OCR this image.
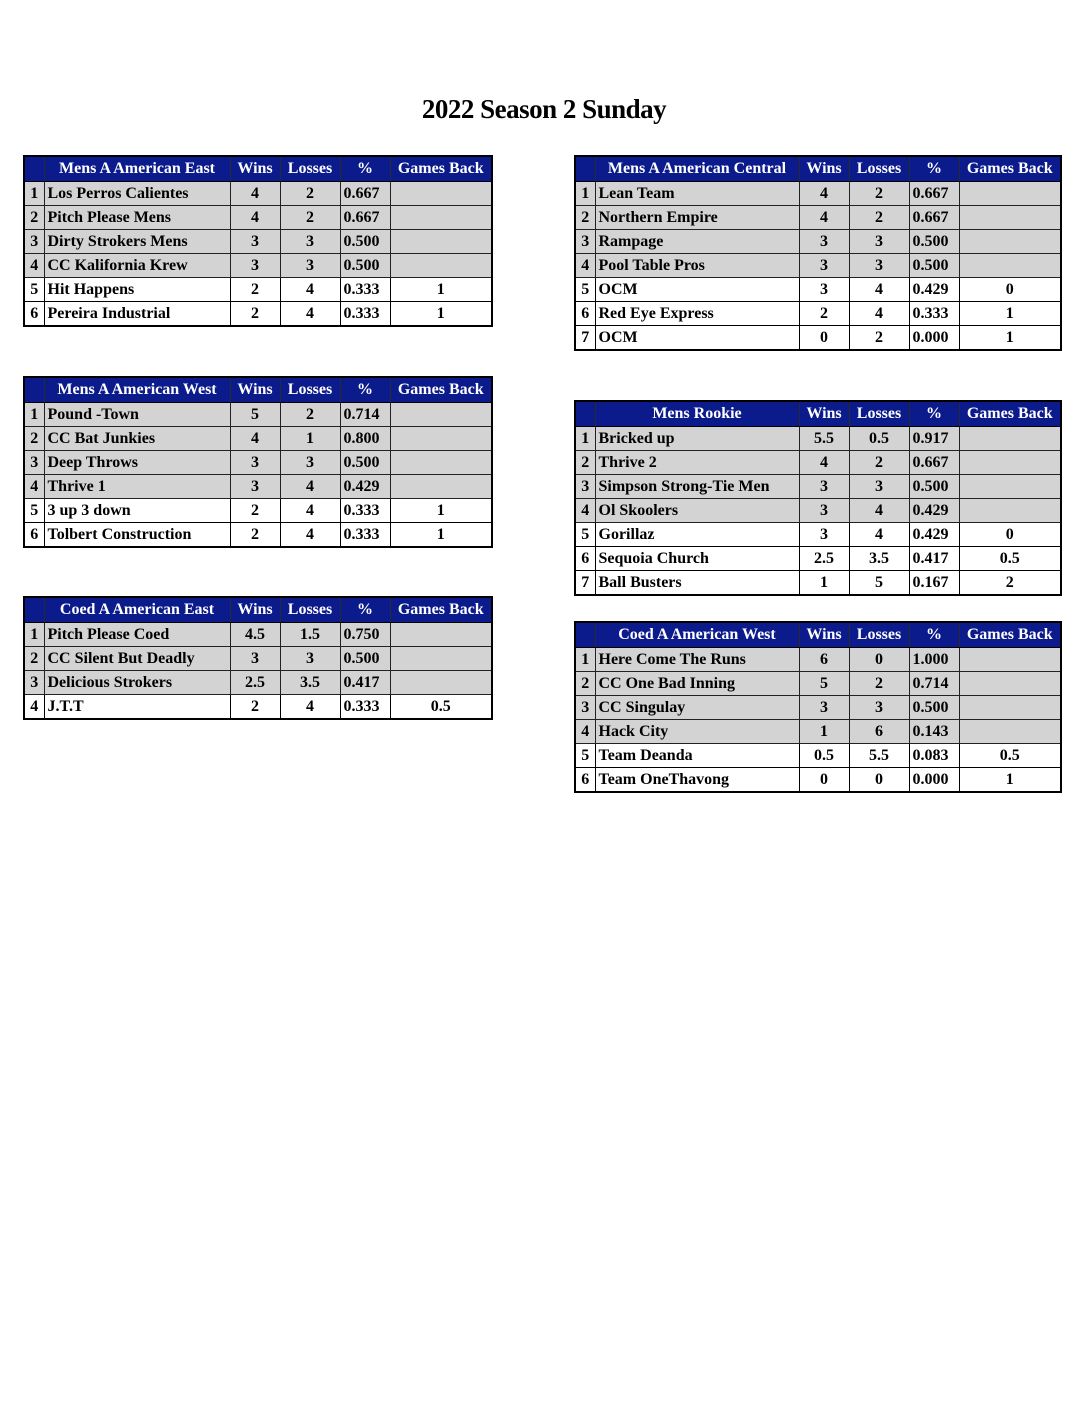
2022 Season 2 Sunday
	Mens A American East	Wins	Losses	%	Games Back
1	Los Perros Calientes	4	2	0.667	
2	Pitch Please Mens	4	2	0.667	
3	Dirty Strokers Mens	3	3	0.500	
4	CC Kalifornia Krew	3	3	0.500	
5	Hit Happens	2	4	0.333	1
6	Pereira Industrial	2	4	0.333	1
	Mens A American West	Wins	Losses	%	Games Back
1	Pound -Town	5	2	0.714	
2	CC Bat Junkies	4	1	0.800	
3	Deep Throws	3	3	0.500	
4	Thrive 1	3	4	0.429	
5	3 up 3 down	2	4	0.333	1
6	Tolbert Construction	2	4	0.333	1
	Coed A American East	Wins	Losses	%	Games Back
1	Pitch Please Coed	4.5	1.5	0.750	
2	CC Silent But Deadly	3	3	0.500	
3	Delicious Strokers	2.5	3.5	0.417	
4	J.T.T	2	4	0.333	0.5
	Mens A American Central	Wins	Losses	%	Games Back
1	Lean Team	4	2	0.667	
2	Northern Empire	4	2	0.667	
3	Rampage	3	3	0.500	
4	Pool Table Pros	3	3	0.500	
5	OCM	3	4	0.429	0
6	Red Eye Express	2	4	0.333	1
7	OCM	0	2	0.000	1
	Mens Rookie	Wins	Losses	%	Games Back
1	Bricked up	5.5	0.5	0.917	
2	Thrive 2	4	2	0.667	
3	Simpson Strong-Tie Men	3	3	0.500	
4	Ol Skoolers	3	4	0.429	
5	Gorillaz	3	4	0.429	0
6	Sequoia Church	2.5	3.5	0.417	0.5
7	Ball Busters	1	5	0.167	2
	Coed A American West	Wins	Losses	%	Games Back
1	Here Come The Runs	6	0	1.000	
2	CC One Bad Inning	5	2	0.714	
3	CC Singulay	3	3	0.500	
4	Hack City	1	6	0.143	
5	Team Deanda	0.5	5.5	0.083	0.5
6	Team OneThavong	0	0	0.000	1
